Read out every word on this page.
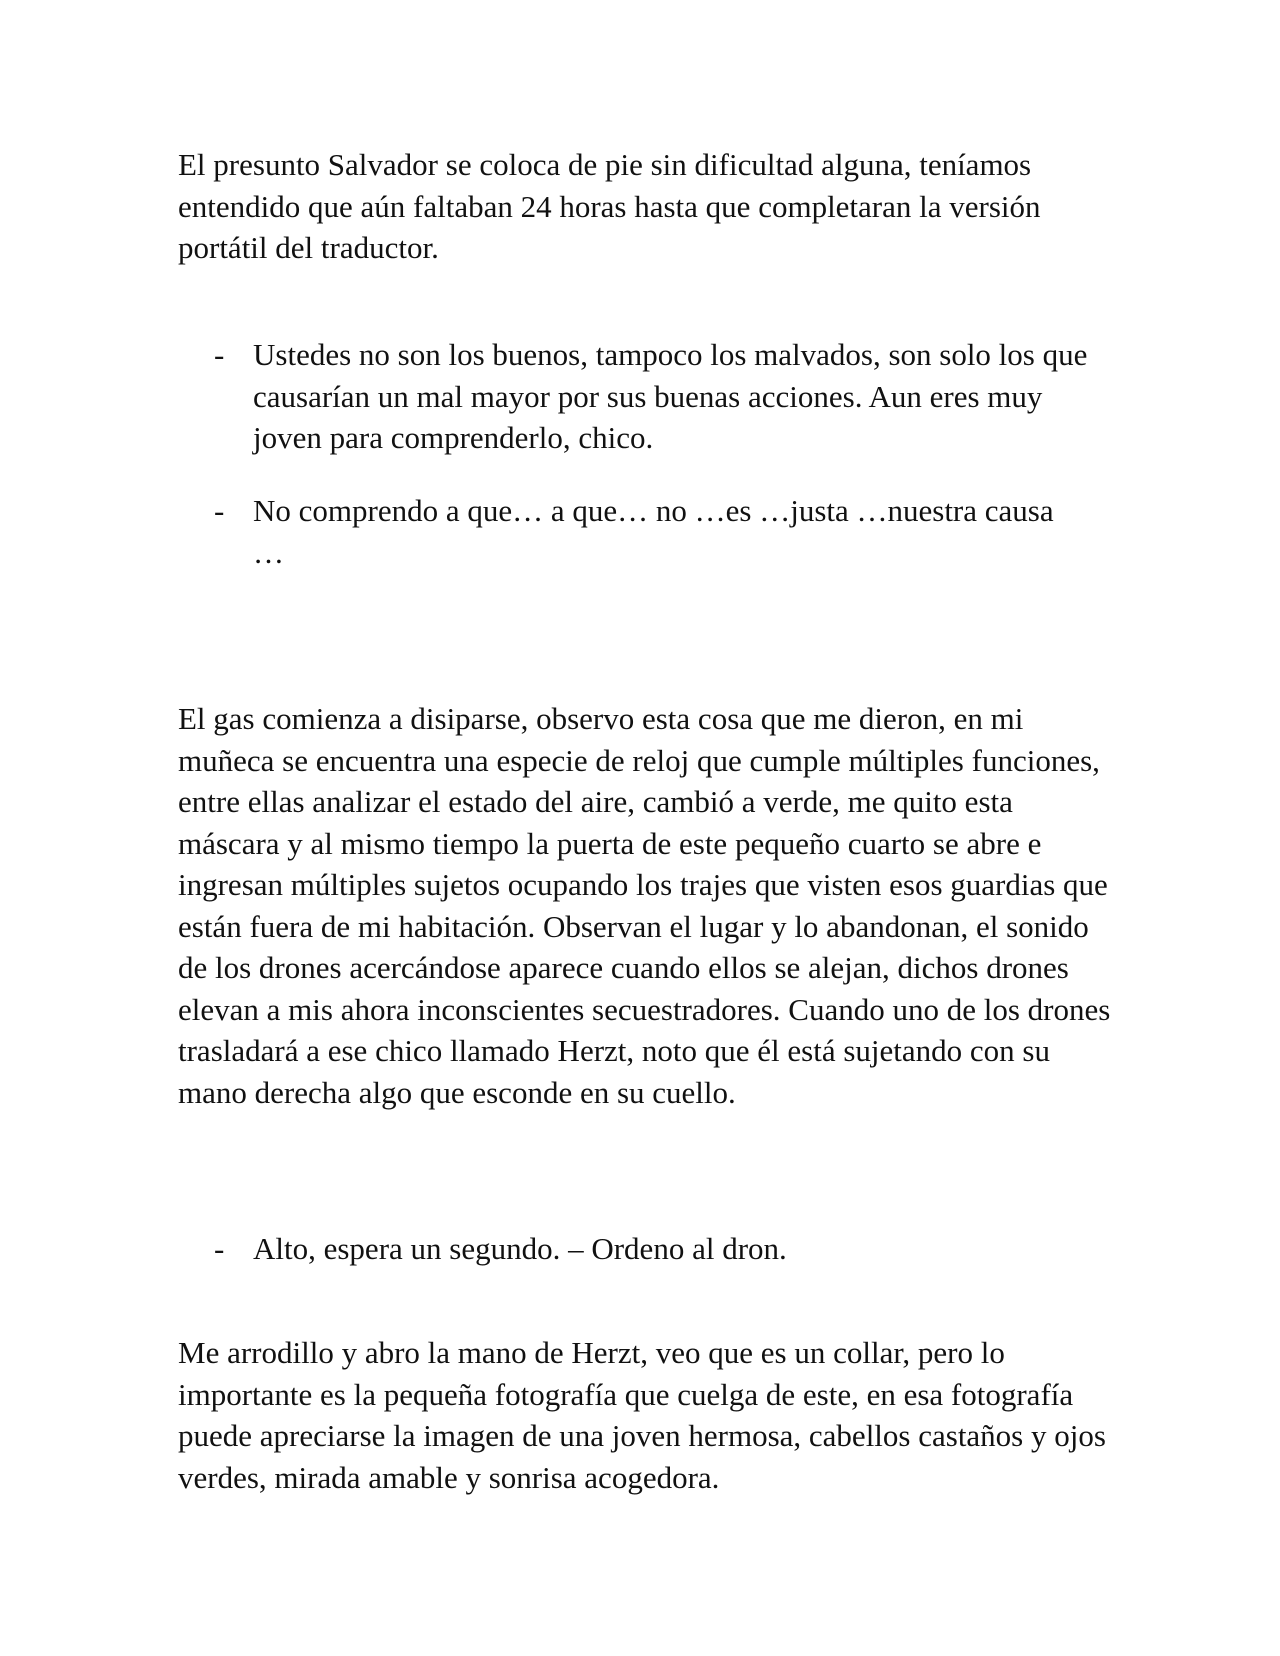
El presunto Salvador se coloca de pie sin dificultad alguna, teníamos entendido que aún faltaban 24 horas hasta que completaran la versión portátil del traductor.

- Ustedes no son los buenos, tampoco los malvados, son solo los que causarían un mal mayor por sus buenas acciones. Aun eres muy joven para comprenderlo, chico.
- No comprendo a que… a que… no …es …justa …nuestra causa …

El gas comienza a disiparse, observo esta cosa que me dieron, en mi muñeca se encuentra una especie de reloj que cumple múltiples funciones, entre ellas analizar el estado del aire, cambió a verde, me quito esta máscara y al mismo tiempo la puerta de este pequeño cuarto se abre e ingresan múltiples sujetos ocupando los trajes que visten esos guardias que están fuera de mi habitación. Observan el lugar y lo abandonan, el sonido de los drones acercándose aparece cuando ellos se alejan, dichos drones elevan a mis ahora inconscientes secuestradores. Cuando uno de los drones trasladará a ese chico llamado Herzt, noto que él está sujetando con su mano derecha algo que esconde en su cuello.

- Alto, espera un segundo. – Ordeno al dron.

Me arrodillo y abro la mano de Herzt, veo que es un collar, pero lo importante es la pequeña fotografía que cuelga de este, en esa fotografía puede apreciarse la imagen de una joven hermosa, cabellos castaños y ojos verdes, mirada amable y sonrisa acogedora.
